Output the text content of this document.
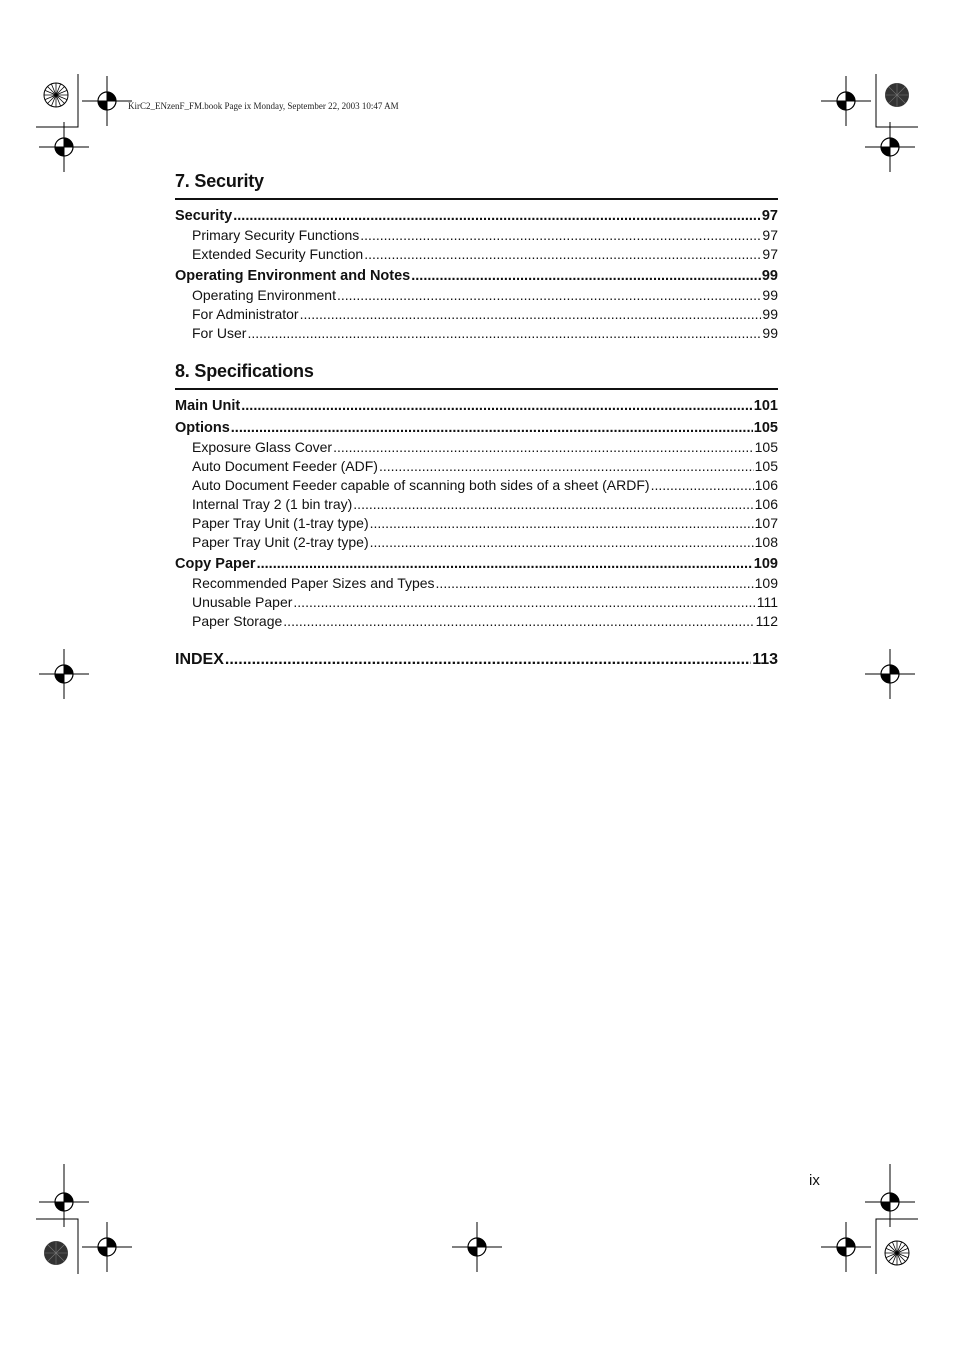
KirC2_ENzenF_FM.book Page ix Monday, September 22, 2003 10:47 AM
7. Security
Security .....	97
Primary Security Functions .....	97
Extended Security Function .....	97
Operating Environment and Notes .....	99
Operating Environment .....	99
For Administrator .....	99
For User .....	99
8. Specifications
Main Unit .....	101
Options .....	105
Exposure Glass Cover .....	105
Auto Document Feeder (ADF) .....	105
Auto Document Feeder capable of scanning both sides of a sheet (ARDF) .....	106
Internal Tray 2 (1 bin tray) .....	106
Paper Tray Unit (1-tray type) .....	107
Paper Tray Unit (2-tray type) .....	108
Copy Paper .....	109
Recommended Paper Sizes and Types .....	109
Unusable Paper .....	111
Paper Storage .....	112
INDEX .....	113
ix
